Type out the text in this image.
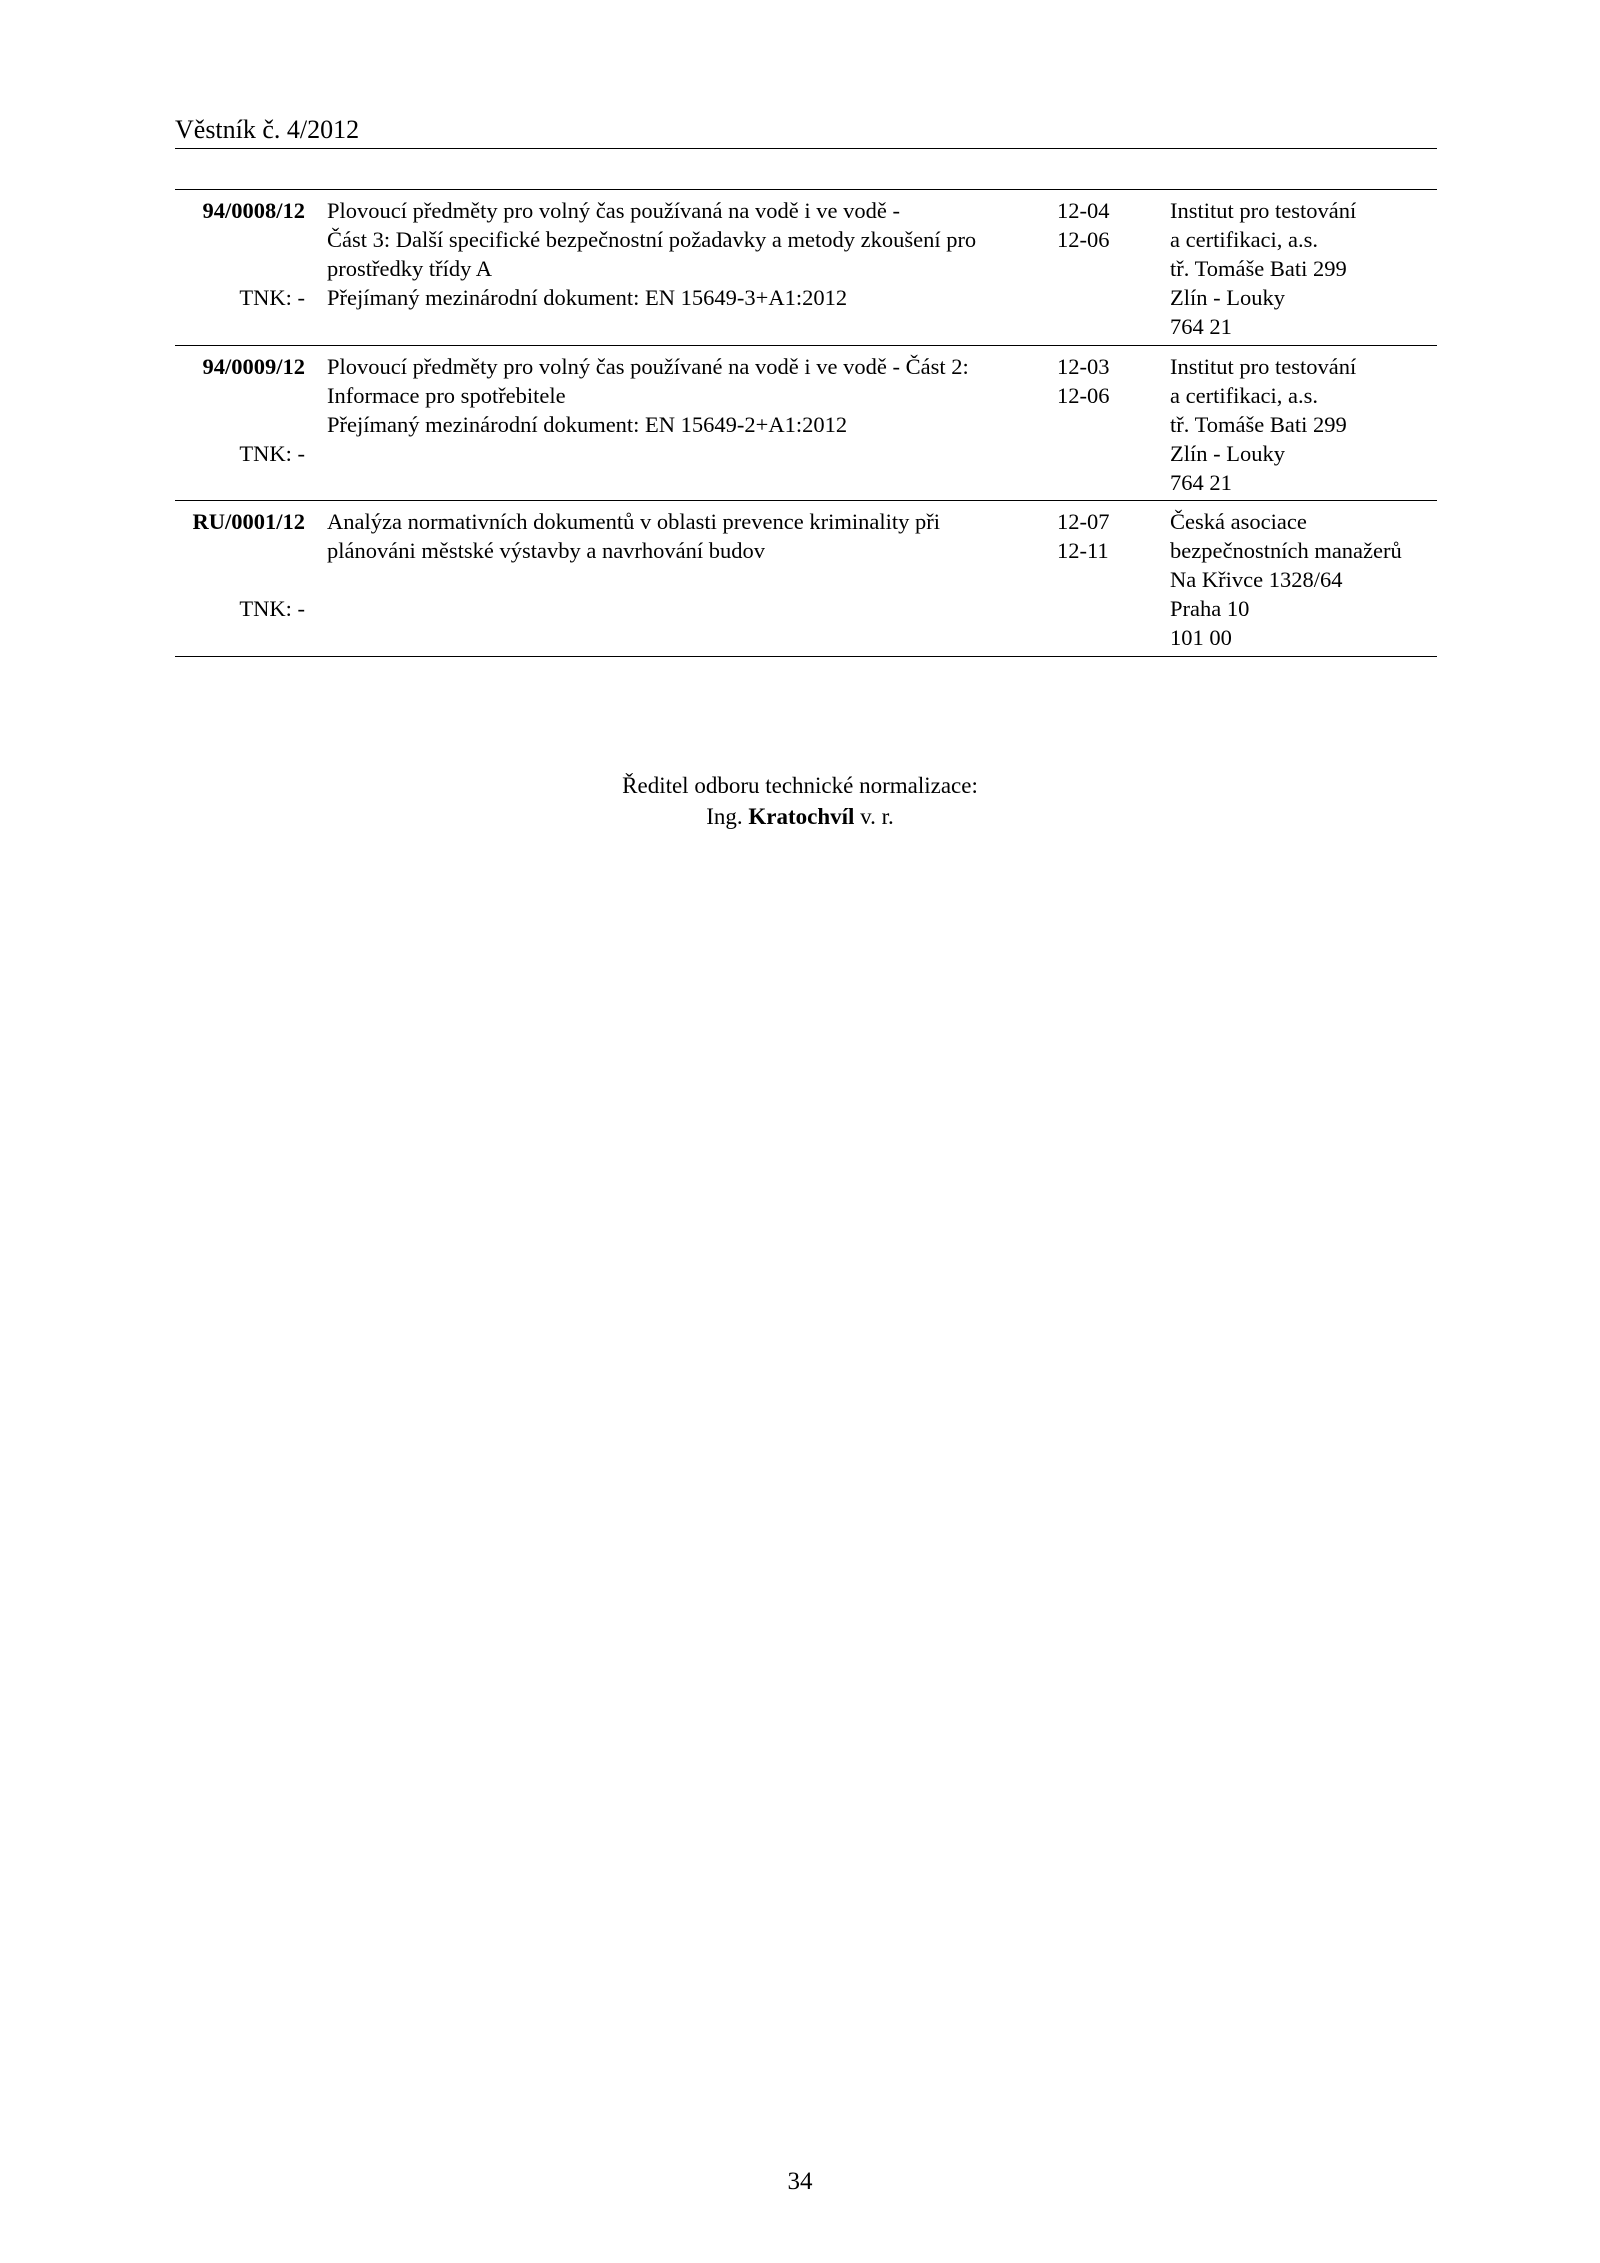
Věstník č. 4/2012
94/0008/12
TNK: -
Plovoucí předměty pro volný čas používaná na vodě i ve vodě -
Část 3: Další specifické bezpečnostní požadavky a metody zkoušení pro
prostředky třídy A
Přejímaný mezinárodní dokument: EN 15649-3+A1:2012
12-04
12-06
Institut pro testování
a certifikaci, a.s.
tř. Tomáše Bati 299
Zlín - Louky
764 21
94/0009/12
TNK: -
Plovoucí předměty pro volný čas používané na vodě i ve vodě - Část 2:
Informace pro spotřebitele
Přejímaný mezinárodní dokument: EN 15649-2+A1:2012
12-03
12-06
Institut pro testování
a certifikaci, a.s.
tř. Tomáše Bati 299
Zlín - Louky
764 21
RU/0001/12
TNK: -
Analýza normativních dokumentů v oblasti prevence kriminality při
plánováni městské výstavby a navrhování budov
12-07
12-11
Česká asociace
bezpečnostních manažerů
Na Křivce 1328/64
Praha 10
101 00
Ředitel odboru technické normalizace:
Ing. Kratochvíl v. r.
34
